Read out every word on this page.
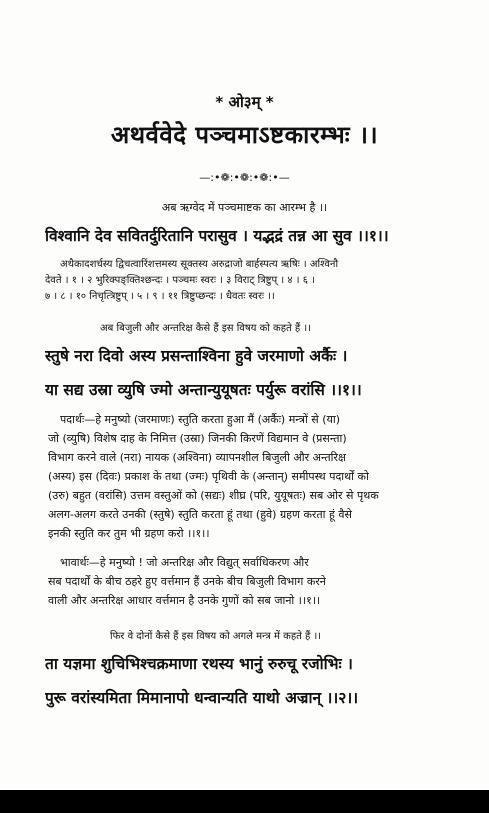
* ओ३म् *
अथर्ववेदे पञ्चमाऽष्टकारम्भः ।।
—:•❁:•❁:•❁:•—
अब ऋग्वेद में पञ्चमाष्टक का आरम्भ है ।।
विश्वानि देव सवितर्दुरितानि परासुव । यद्भद्रं तन्न आ सुव ।।१।।
अथैकादशर्चस्य द्विचत्वारिंशत्तमस्य सूक्तस्य अरुद्राजो बार्हस्पत्य ऋषिः । अश्विनौ
देवते । १ । २ भुरिक्पङ्क्तिश्छन्दः । पञ्चमः स्वरः । ३ विराट् त्रिष्टुप् । ४ । ६ ।
७ । ८ । १० निचृत्त्रिष्टुप् । ५ । ९ । ११ त्रिष्टुप्छन्दः । धैवतः स्वरः ।।
अब बिजुली और अन्तरिक्ष कैसे हैं इस विषय को कहते हैं ।।
स्तुषे नरा दिवो अस्य प्रसन्ताश्विना हुवे जरमाणो अर्कैः ।
या सद्य उस्रा व्युषि ज्मो अन्तान्युयूषतः पर्युरू वरांसि ।।१।।
पदार्थः—हे मनुष्यो (जरमाणः) स्तुति करता हुआ मैं (अर्कैः) मन्त्रों से (या)
जो (व्युषि) विशेष दाह के निमित्त (उस्रा) जिनकी किरणें विद्यमान वे (प्रसन्ता)
विभाग करने वाले (नरा) नायक (अश्विना) व्यापनशील बिजुली और अन्तरिक्ष
(अस्य) इस (दिवः) प्रकाश के तथा (ज्मः) पृथिवी के (अन्तान्) समीपस्थ पदार्थों को
(उरु) बहुत (वरांसि) उत्तम वस्तुओं को (सद्यः) शीघ्र (परि, युयूषतः) सब ओर से पृथक
अलग-अलग करते उनकी (स्तुषे) स्तुति करता हूं तथा (हुवे) ग्रहण करता हूं वैसे
इनकी स्तुति कर तुम भी ग्रहण करो ।।१।।
भावार्थः—हे मनुष्यो ! जो अन्तरिक्ष और विद्युत् सर्वाधिकरण और
सब पदार्थों के बीच ठहरे हुए वर्त्तमान हैं उनके बीच बिजुली विभाग करने
वाली और अन्तरिक्ष आधार वर्त्तमान है उनके गुणों को सब जानो ।।१।।
फिर वे दोनों कैसे हैं इस विषय को अगले मन्त्र में कहते हैं ।।
ता यज्ञमा शुचिभिश्चक्रमाणा रथस्य भानुं रुरुचू रजोभिः ।
पुरू वरांस्यमिता मिमानापो धन्वान्यति याथो अज्रान् ।।२।।
